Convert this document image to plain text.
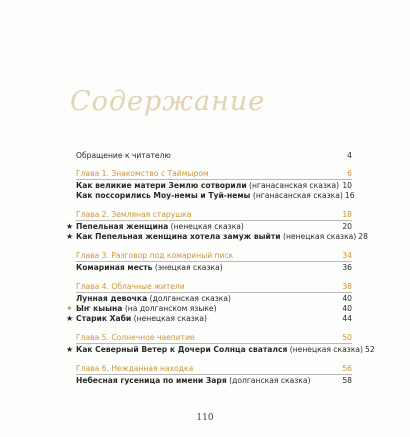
Содержание
Обращение к читателю	4
Глава 1. Знакомство с Таймыром	6
Как великие матери Землю сотворили (нганасанская сказка) 10
Как поссорились Моу-немы и Туй-немы (нганасанская сказка) 16
Глава 2. Земляная старушка	18
★ Пепельная женщина (ненецкая сказка)	20
★ Как Пепельная женщина хотела замуж выйти (ненецкая сказка) 28
Глава 3. Разговор под комариный писк	34
Комариная месть (энецкая сказка)	36
Глава 4. Облачные жители	38
Лунная девочка (долганская сказка)	40
✦ Ыҥ кыына (на долганском языке)	40
★ Старик Хаби (ненецкая сказка)	44
Глава 5. Солнечное чаепитие	50
★ Как Северный Ветер к Дочери Солнца сватался (ненецкая сказка) 52
Глава 6. Нежданная находка	56
Небесная гусеница по имени Заря (долганская сказка)	58
110
